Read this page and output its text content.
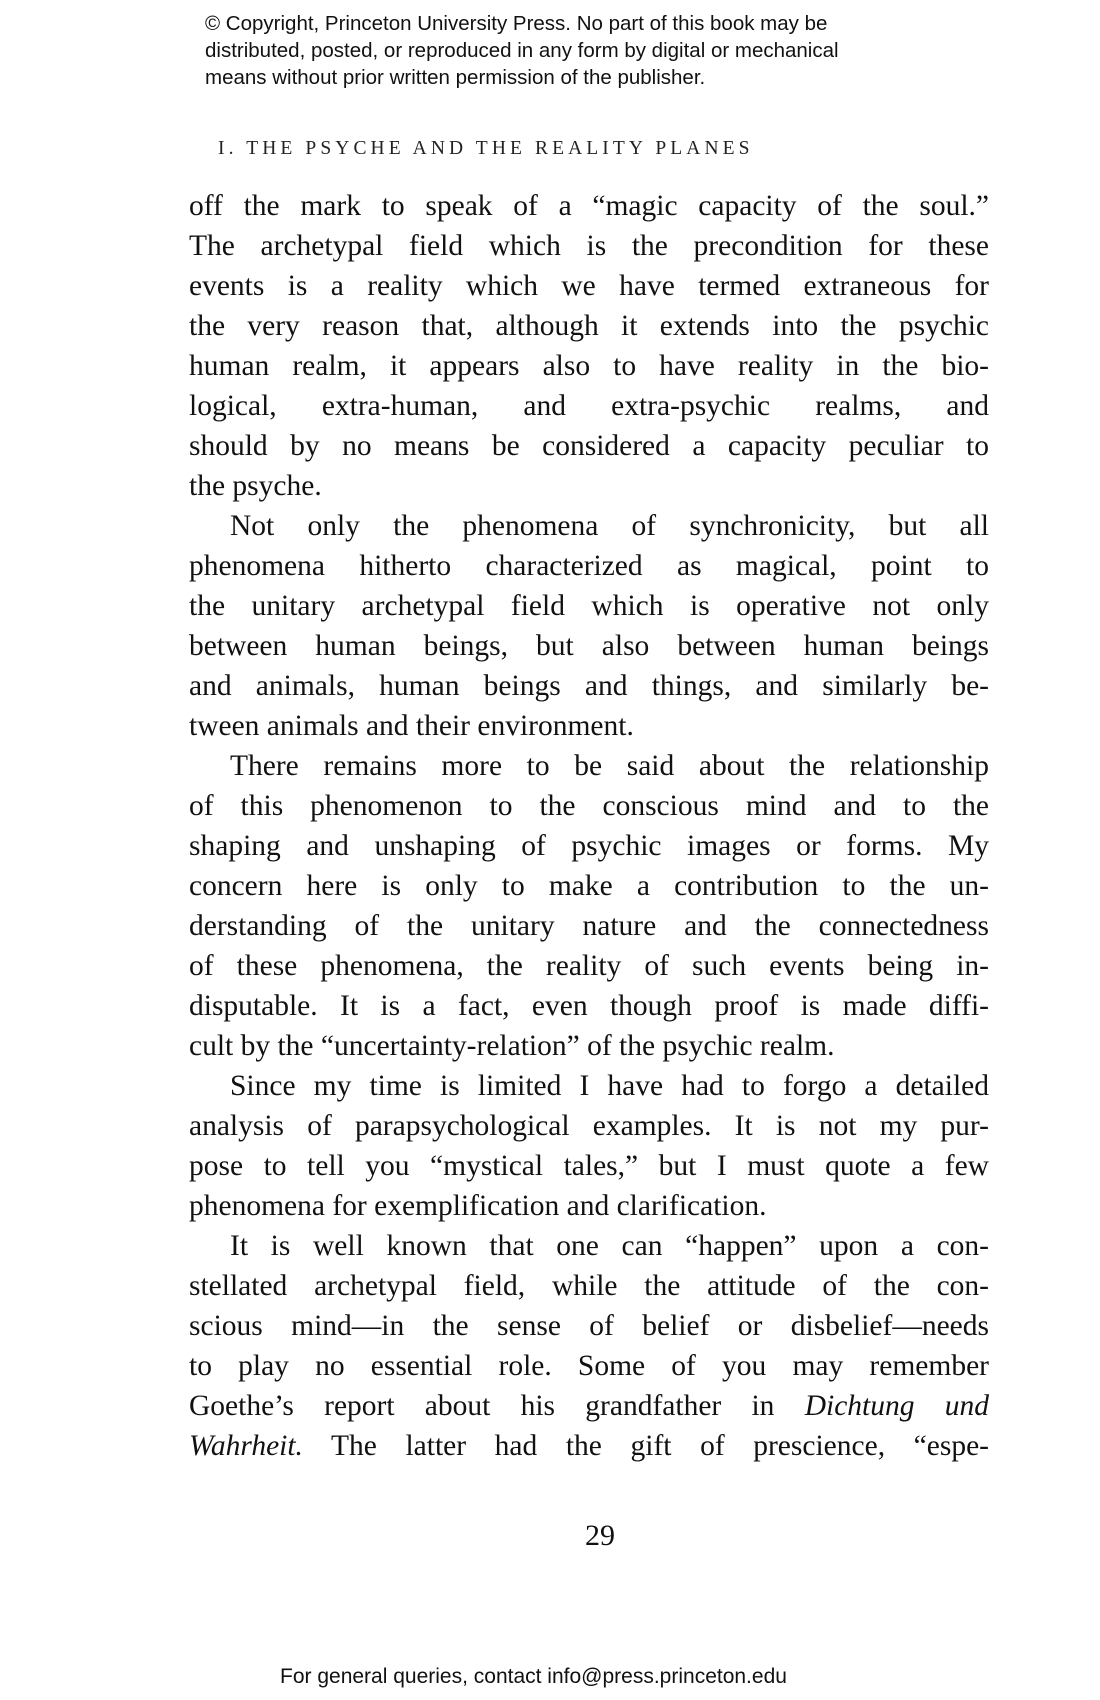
© Copyright, Princeton University Press. No part of this book may be
distributed, posted, or reproduced in any form by digital or mechanical
means without prior written permission of the publisher.
I. THE PSYCHE AND THE REALITY PLANES
off the mark to speak of a “magic capacity of the soul.”
The archetypal field which is the precondition for these
events is a reality which we have termed extraneous for
the very reason that, although it extends into the psychic
human realm, it appears also to have reality in the bio-
logical, extra-human, and extra-psychic realms, and
should by no means be considered a capacity peculiar to
the psyche.
Not only the phenomena of synchronicity, but all
phenomena hitherto characterized as magical, point to
the unitary archetypal field which is operative not only
between human beings, but also between human beings
and animals, human beings and things, and similarly be-
tween animals and their environment.
There remains more to be said about the relationship
of this phenomenon to the conscious mind and to the
shaping and unshaping of psychic images or forms. My
concern here is only to make a contribution to the un-
derstanding of the unitary nature and the connectedness
of these phenomena, the reality of such events being in-
disputable. It is a fact, even though proof is made diffi-
cult by the “uncertainty-relation” of the psychic realm.
Since my time is limited I have had to forgo a detailed
analysis of parapsychological examples. It is not my pur-
pose to tell you “mystical tales,” but I must quote a few
phenomena for exemplification and clarification.
It is well known that one can “happen” upon a con-
stellated archetypal field, while the attitude of the con-
scious mind—in the sense of belief or disbelief—needs
to play no essential role. Some of you may remember
Goethe’s report about his grandfather in Dichtung und
Wahrheit. The latter had the gift of prescience, “espe-
29
For general queries, contact info@press.princeton.edu
